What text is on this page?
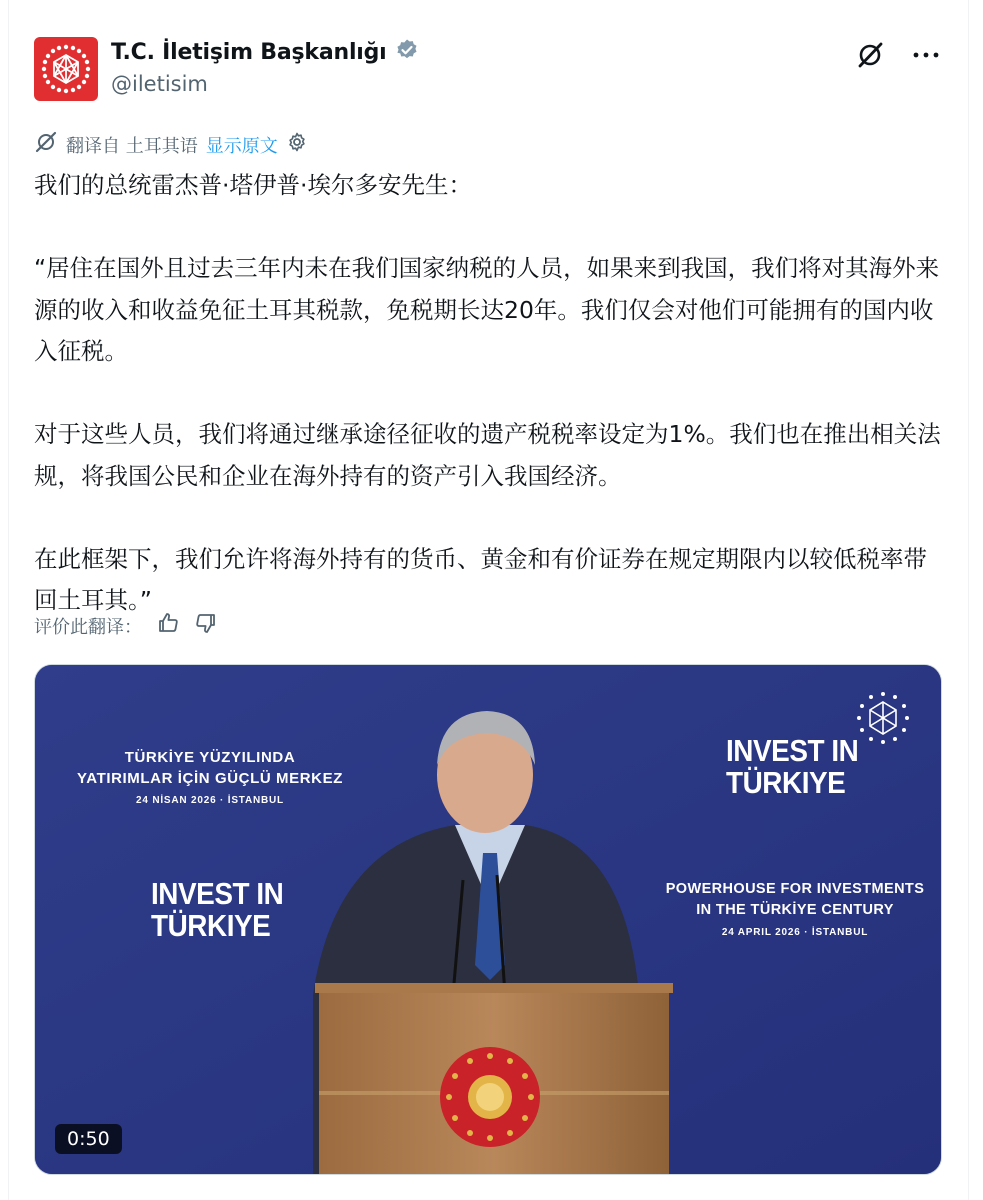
T.C. İletişim Başkanlığı
@iletisim
翻译自 土耳其语 显示原文

我们的总统雷杰普·塔伊普·埃尔多安先生：

“居住在国外且过去三年内未在我们国家纳税的人员，如果来到我国，我们将对其海外来源的收入和收益免征土耳其税款，免税期长达20年。我们仅会对他们可能拥有的国内收入征税。

对于这些人员，我们将通过继承途径征收的遗产税税率设定为1%。我们也在推出相关法规，将我国公民和企业在海外持有的资产引入我国经济。

在此框架下，我们允许将海外持有的货币、黄金和有价证券在规定期限内以较低税率带回土耳其。”

评价此翻译：
TÜRKİYE YÜZYILINDA
YATIRIMLAR İÇİN GÜÇLÜ MERKEZ
24 NİSAN 2026 · İSTANBUL
INVEST IN
TÜRKIYE
INVEST IN
TÜRKIYE
POWERHOUSE FOR INVESTMENTS
IN THE TÜRKİYE CENTURY
24 APRIL 2026 · İSTANBUL
0:50
